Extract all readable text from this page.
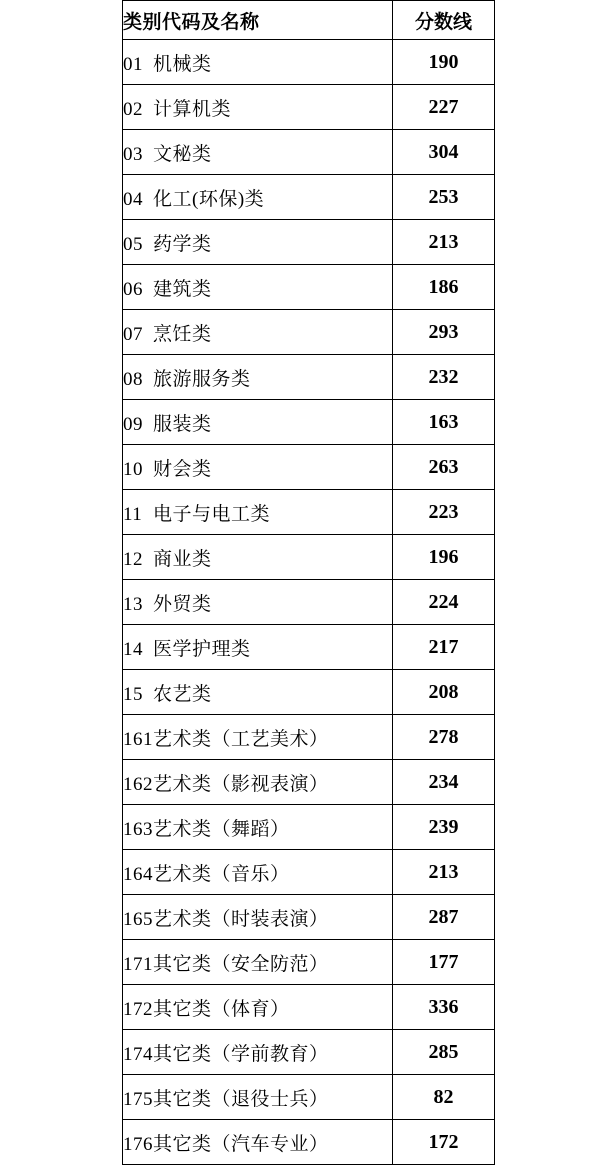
类别代码及名称	分数线
01 机械类	190
02 计算机类	227
03 文秘类	304
04 化工(环保)类	253
05 药学类	213
06 建筑类	186
07 烹饪类	293
08 旅游服务类	232
09 服装类	163
10 财会类	263
11 电子与电工类	223
12 商业类	196
13 外贸类	224
14 医学护理类	217
15 农艺类	208
161艺术类（工艺美术）	278
162艺术类（影视表演）	234
163艺术类（舞蹈）	239
164艺术类（音乐）	213
165艺术类（时装表演）	287
171其它类（安全防范）	177
172其它类（体育）	336
174其它类（学前教育）	285
175其它类（退役士兵）	82
176其它类（汽车专业）	172
